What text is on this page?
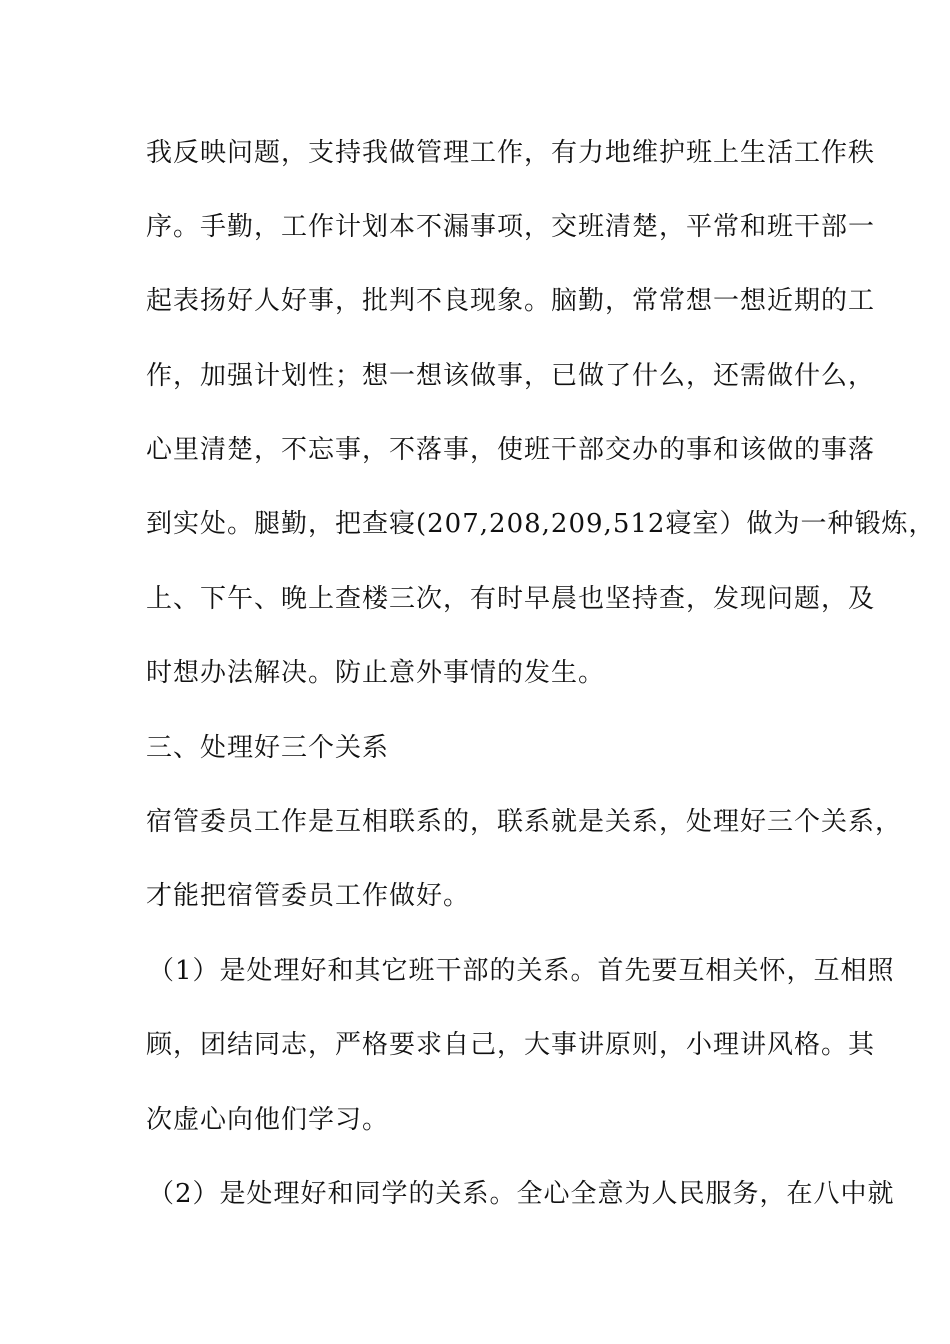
我反映问题，支持我做管理工作，有力地维护班上生活工作秩
序。手勤，工作计划本不漏事项，交班清楚，平常和班干部一
起表扬好人好事，批判不良现象。脑勤，常常想一想近期的工
作，加强计划性；想一想该做事，已做了什么，还需做什么，
心里清楚，不忘事，不落事，使班干部交办的事和该做的事落
到实处。腿勤，把查寝(207,208,209,512寝室）做为一种锻炼，
上、下午、晚上查楼三次，有时早晨也坚持查，发现问题，及
时想办法解决。防止意外事情的发生。
三、处理好三个关系
宿管委员工作是互相联系的，联系就是关系，处理好三个关系，
才能把宿管委员工作做好。
（1）是处理好和其它班干部的关系。首先要互相关怀，互相照
顾，团结同志，严格要求自己，大事讲原则，小理讲风格。其
次虚心向他们学习。
（2）是处理好和同学的关系。全心全意为人民服务，在八中就
